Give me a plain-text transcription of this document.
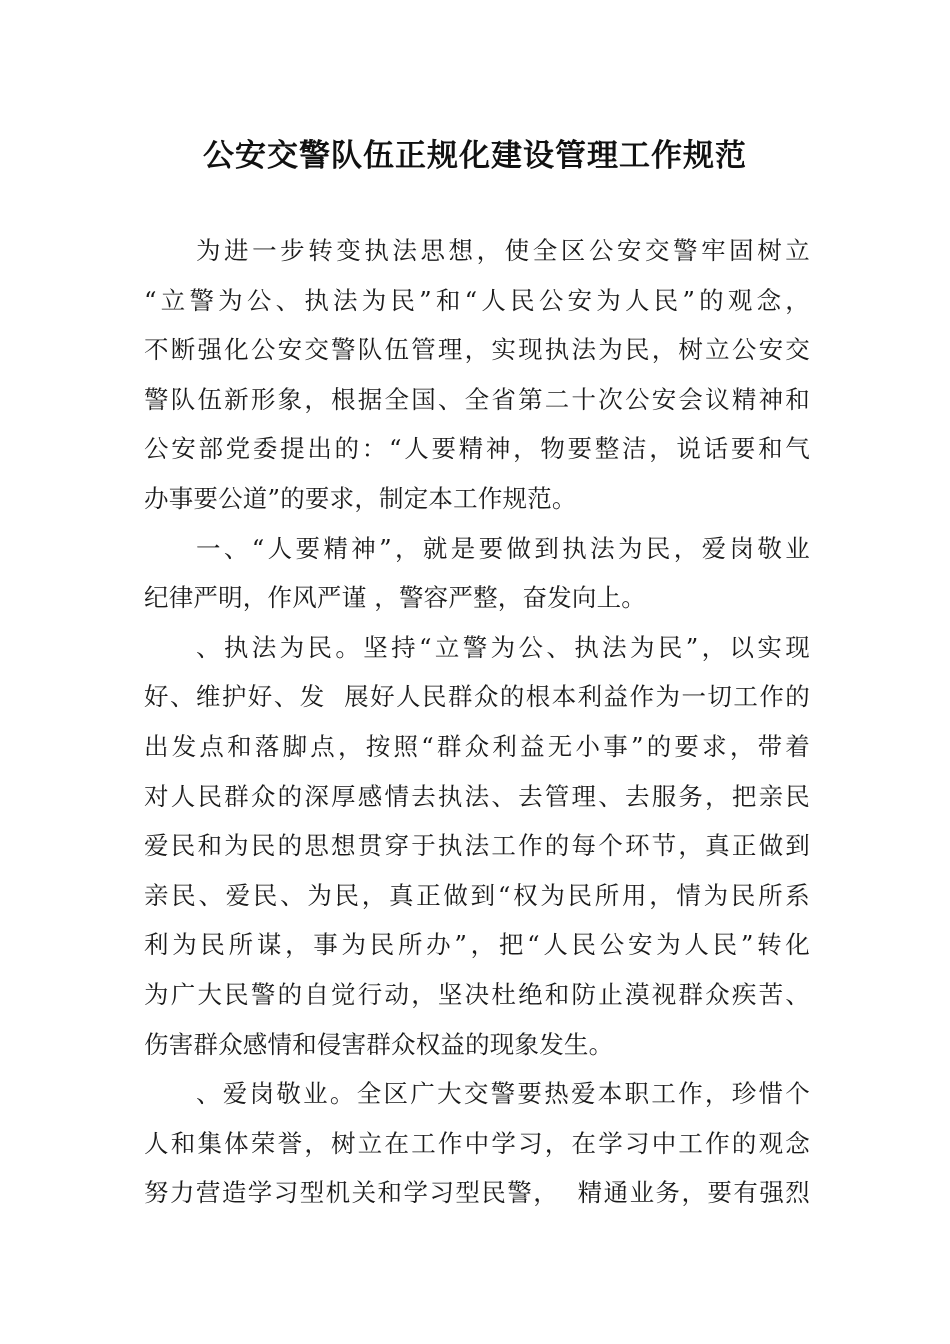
公安交警队伍正规化建设管理工作规范
为进一步转变执法思想，使全区公安交警牢固树立
“立警为公、执法为民”和“人民公安为人民”的观念，
不断强化公安交警队伍管理，实现执法为民，树立公安交
警队伍新形象，根据全国、全省第二十次公安会议精神和
公安部党委提出的：“人要精神，物要整洁，说话要和气
办事要公道”的要求，制定本工作规范。
一、“人要精神”，就是要做到执法为民，爱岗敬业
纪律严明，作风严谨 ，警容严整，奋发向上。
、执法为民。坚持“立警为公、执法为民”，以实现
好、维护好、发  展好人民群众的根本利益作为一切工作的
出发点和落脚点，按照“群众利益无小事”的要求，带着
对人民群众的深厚感情去执法、去管理、去服务，把亲民
爱民和为民的思想贯穿于执法工作的每个环节，真正做到
亲民、爱民、为民，真正做到“权为民所用，情为民所系
利为民所谋，事为民所办”，把“人民公安为人民”转化
为广大民警的自觉行动，坚决杜绝和防止漠视群众疾苦、
伤害群众感情和侵害群众权益的现象发生。
、爱岗敬业。全区广大交警要热爱本职工作，珍惜个
人和集体荣誉，树立在工作中学习，在学习中工作的观念
努力营造学习型机关和学习型民警，  精通业务，要有强烈
